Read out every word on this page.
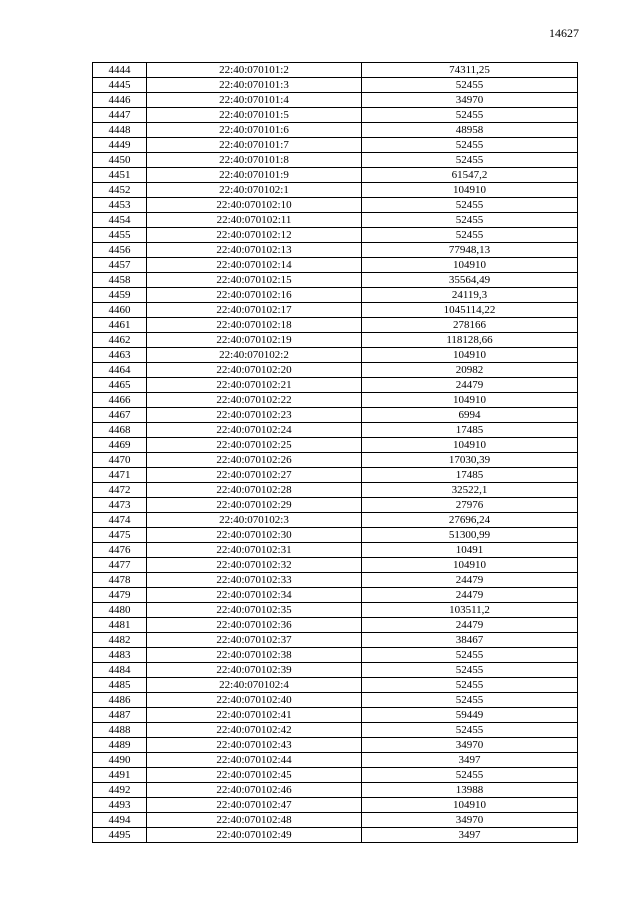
14627
4444	22:40:070101:2	74311,25
4445	22:40:070101:3	52455
4446	22:40:070101:4	34970
4447	22:40:070101:5	52455
4448	22:40:070101:6	48958
4449	22:40:070101:7	52455
4450	22:40:070101:8	52455
4451	22:40:070101:9	61547,2
4452	22:40:070102:1	104910
4453	22:40:070102:10	52455
4454	22:40:070102:11	52455
4455	22:40:070102:12	52455
4456	22:40:070102:13	77948,13
4457	22:40:070102:14	104910
4458	22:40:070102:15	35564,49
4459	22:40:070102:16	24119,3
4460	22:40:070102:17	1045114,22
4461	22:40:070102:18	278166
4462	22:40:070102:19	118128,66
4463	22:40:070102:2	104910
4464	22:40:070102:20	20982
4465	22:40:070102:21	24479
4466	22:40:070102:22	104910
4467	22:40:070102:23	6994
4468	22:40:070102:24	17485
4469	22:40:070102:25	104910
4470	22:40:070102:26	17030,39
4471	22:40:070102:27	17485
4472	22:40:070102:28	32522,1
4473	22:40:070102:29	27976
4474	22:40:070102:3	27696,24
4475	22:40:070102:30	51300,99
4476	22:40:070102:31	10491
4477	22:40:070102:32	104910
4478	22:40:070102:33	24479
4479	22:40:070102:34	24479
4480	22:40:070102:35	103511,2
4481	22:40:070102:36	24479
4482	22:40:070102:37	38467
4483	22:40:070102:38	52455
4484	22:40:070102:39	52455
4485	22:40:070102:4	52455
4486	22:40:070102:40	52455
4487	22:40:070102:41	59449
4488	22:40:070102:42	52455
4489	22:40:070102:43	34970
4490	22:40:070102:44	3497
4491	22:40:070102:45	52455
4492	22:40:070102:46	13988
4493	22:40:070102:47	104910
4494	22:40:070102:48	34970
4495	22:40:070102:49	3497
